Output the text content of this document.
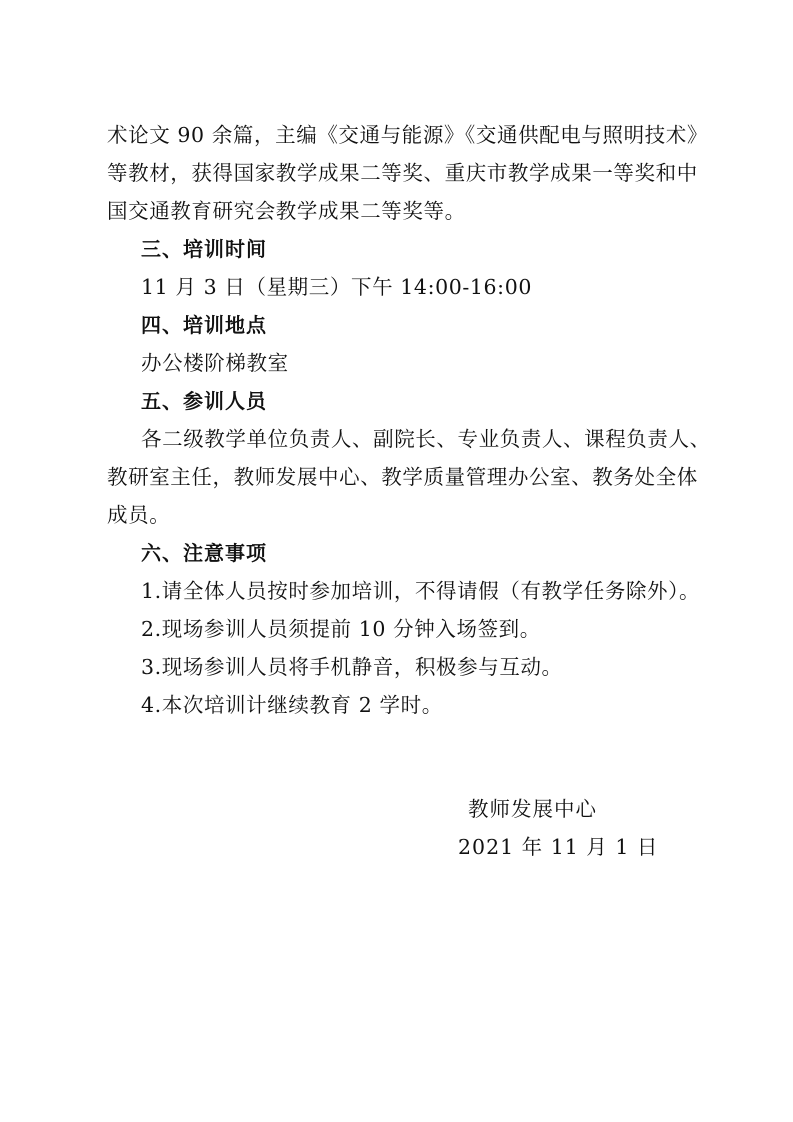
术论文 90 余篇，主编《交通与能源》《交通供配电与照明技术》
等教材，获得国家教学成果二等奖、重庆市教学成果一等奖和中
国交通教育研究会教学成果二等奖等。
三、培训时间
11 月 3 日（星期三）下午 14:00-16:00
四、培训地点
办公楼阶梯教室
五、参训人员
各二级教学单位负责人、副院长、专业负责人、课程负责人、
教研室主任，教师发展中心、教学质量管理办公室、教务处全体
成员。
六、注意事项
1.请全体人员按时参加培训，不得请假（有教学任务除外）。
2.现场参训人员须提前 10 分钟入场签到。
3.现场参训人员将手机静音，积极参与互动。
4.本次培训计继续教育 2 学时。
教师发展中心
2021 年 11 月 1 日
